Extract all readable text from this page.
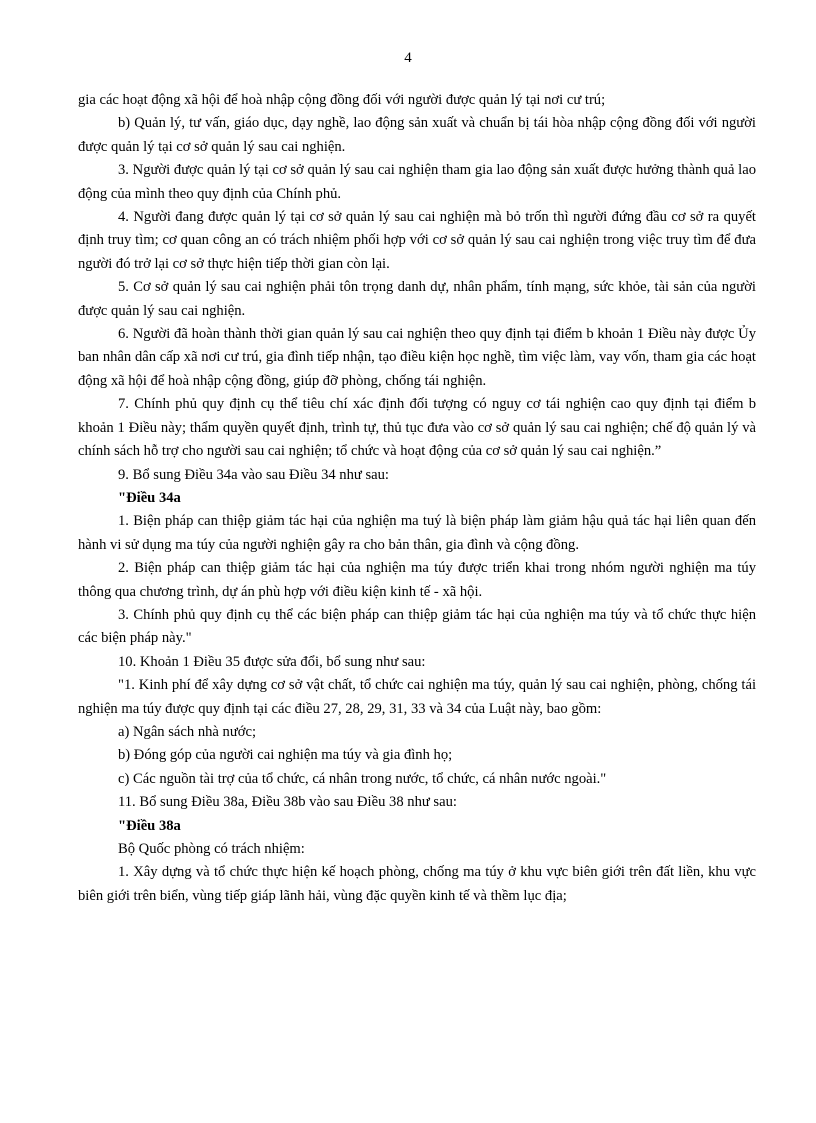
4

gia các hoạt động xã hội để hoà nhập cộng đồng đối với người được quản lý tại nơi cư trú;

b) Quản lý, tư vấn, giáo dục, dạy nghề, lao động sản xuất và chuẩn bị tái hòa nhập cộng đồng đối với người được quản lý tại cơ sở quản lý sau cai nghiện.

3. Người được quản lý tại cơ sở quản lý sau cai nghiện tham gia lao động sản xuất được hưởng thành quả lao động của mình theo quy định của Chính phủ.

4. Người đang được quản lý tại cơ sở quản lý sau cai nghiện mà bỏ trốn thì người đứng đầu cơ sở ra quyết định truy tìm; cơ quan công an có trách nhiệm phối hợp với cơ sở quản lý sau cai nghiện trong việc truy tìm để đưa người đó trở lại cơ sở thực hiện tiếp thời gian còn lại.

5. Cơ sở quản lý sau cai nghiện phải tôn trọng danh dự, nhân phẩm, tính mạng, sức khỏe, tài sản của người được quản lý sau cai nghiện.

6. Người đã hoàn thành thời gian quản lý sau cai nghiện theo quy định tại điểm b khoản 1 Điều này được Ủy ban nhân dân cấp xã nơi cư trú, gia đình tiếp nhận, tạo điều kiện học nghề, tìm việc làm, vay vốn, tham gia các hoạt động xã hội để hoà nhập cộng đồng, giúp đỡ phòng, chống tái nghiện.

7. Chính phủ quy định cụ thể tiêu chí xác định đối tượng có nguy cơ tái nghiện cao quy định tại điểm b khoản 1 Điều này; thẩm quyền quyết định, trình tự, thủ tục đưa vào cơ sở quản lý sau cai nghiện; chế độ quản lý và chính sách hỗ trợ cho người sau cai nghiện; tổ chức và hoạt động của cơ sở quản lý sau cai nghiện.”

9. Bổ sung Điều 34a vào sau Điều 34 như sau:

"Điều 34a

1. Biện pháp can thiệp giảm tác hại của nghiện ma tuý là biện pháp làm giảm hậu quả tác hại liên quan đến hành vi sử dụng ma túy của người nghiện gây ra cho bản thân, gia đình và cộng đồng.

2. Biện pháp can thiệp giảm tác hại của nghiện ma túy được triển khai trong nhóm người nghiện ma túy thông qua chương trình, dự án phù hợp với điều kiện kinh tế - xã hội.

3. Chính phủ quy định cụ thể các biện pháp can thiệp giảm tác hại của nghiện ma túy và tổ chức thực hiện các biện pháp này."

10. Khoản 1 Điều 35 được sửa đổi, bổ sung như sau:

"1. Kinh phí để xây dựng cơ sở vật chất, tổ chức cai nghiện ma túy, quản lý sau cai nghiện, phòng, chống tái nghiện ma túy được quy định tại các điều 27, 28, 29, 31, 33 và 34 của Luật này, bao gồm:

a) Ngân sách nhà nước;

b) Đóng góp của người cai nghiện ma túy và gia đình họ;

c) Các nguồn tài trợ của tổ chức, cá nhân trong nước, tổ chức, cá nhân nước ngoài."

11. Bổ sung Điều 38a, Điều 38b vào sau Điều 38 như sau:

"Điều 38a

Bộ Quốc phòng có trách nhiệm:

1. Xây dựng và tổ chức thực hiện kế hoạch phòng, chống ma túy ở khu vực biên giới trên đất liền, khu vực biên giới trên biển, vùng tiếp giáp lãnh hải, vùng đặc quyền kinh tế và thềm lục địa;
